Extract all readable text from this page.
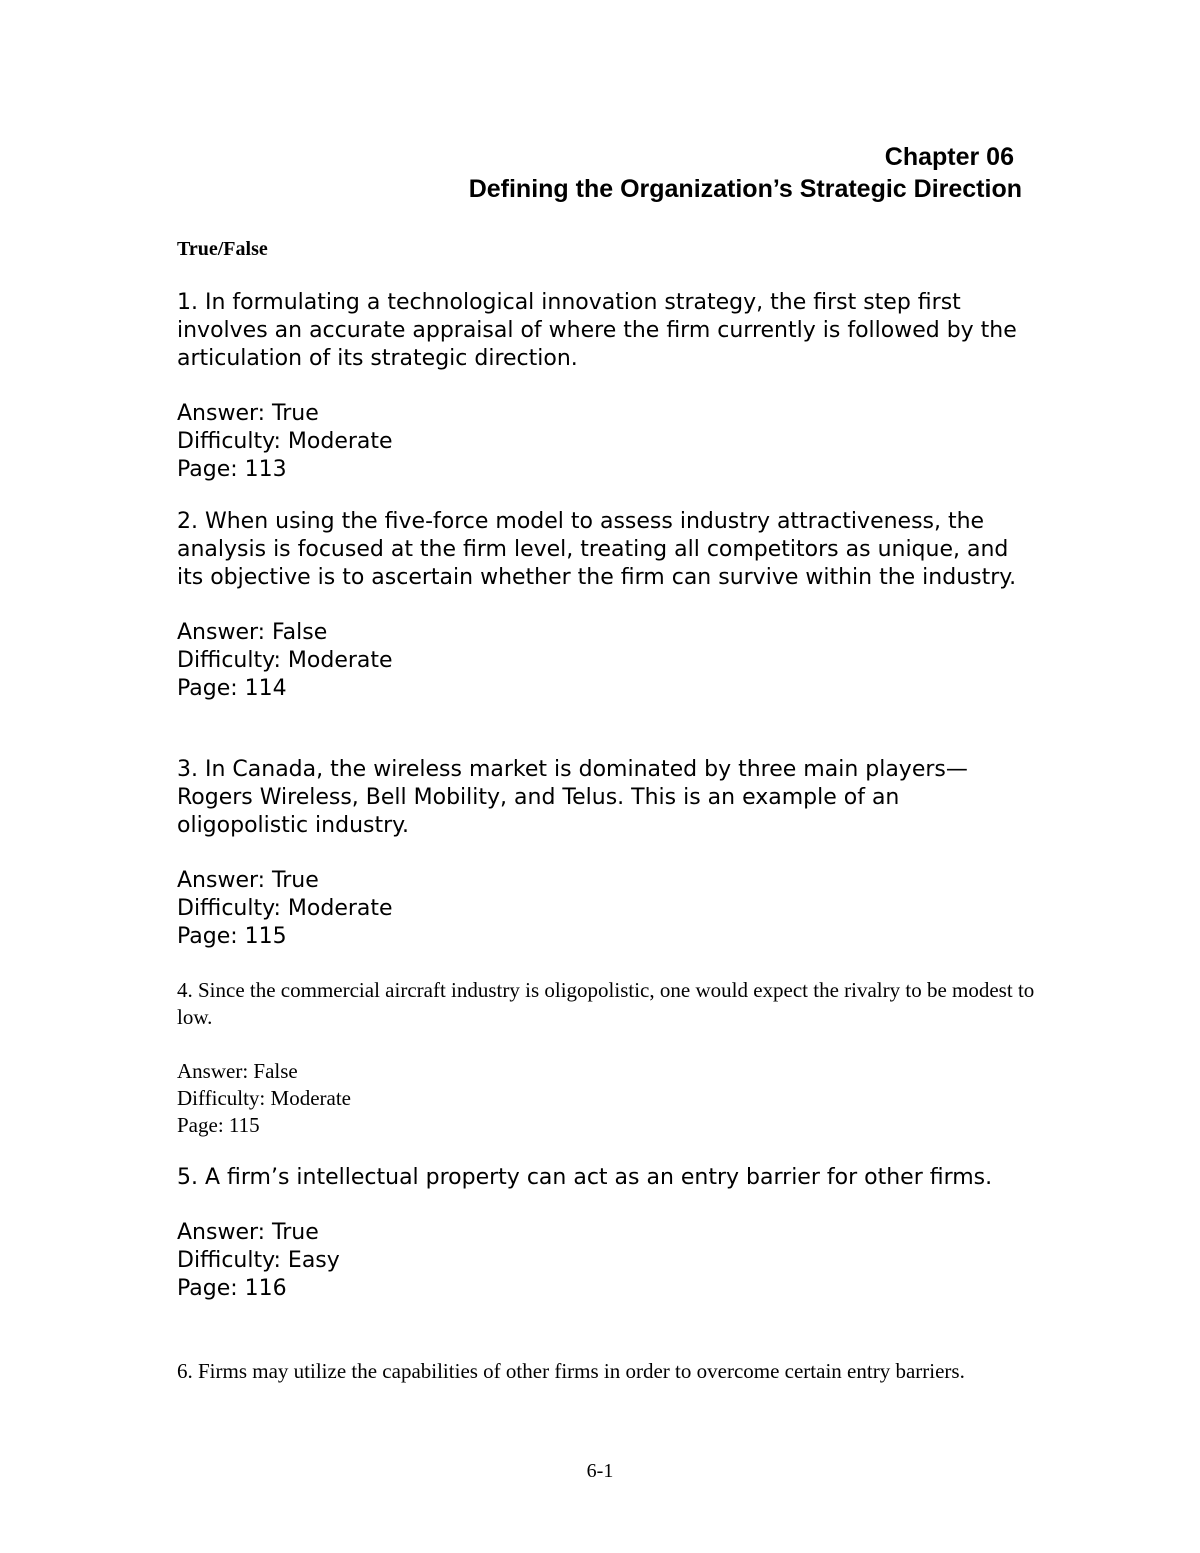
Chapter 06
Defining the Organization’s Strategic Direction
True/False

1. In formulating a technological innovation strategy, the first step first involves an accurate appraisal of where the firm currently is followed by the articulation of its strategic direction.

Answer: True
Difficulty: Moderate
Page: 113

2. When using the five-force model to assess industry attractiveness, the analysis is focused at the firm level, treating all competitors as unique, and its objective is to ascertain whether the firm can survive within the industry.

Answer: False
Difficulty: Moderate
Page: 114

3. In Canada, the wireless market is dominated by three main players—Rogers Wireless, Bell Mobility, and Telus. This is an example of an oligopolistic industry.

Answer: True
Difficulty: Moderate
Page: 115

4. Since the commercial aircraft industry is oligopolistic, one would expect the rivalry to be modest to low.

Answer: False
Difficulty: Moderate
Page: 115

5. A firm’s intellectual property can act as an entry barrier for other firms.

Answer: True
Difficulty: Easy
Page: 116

6. Firms may utilize the capabilities of other firms in order to overcome certain entry barriers.

6-1
